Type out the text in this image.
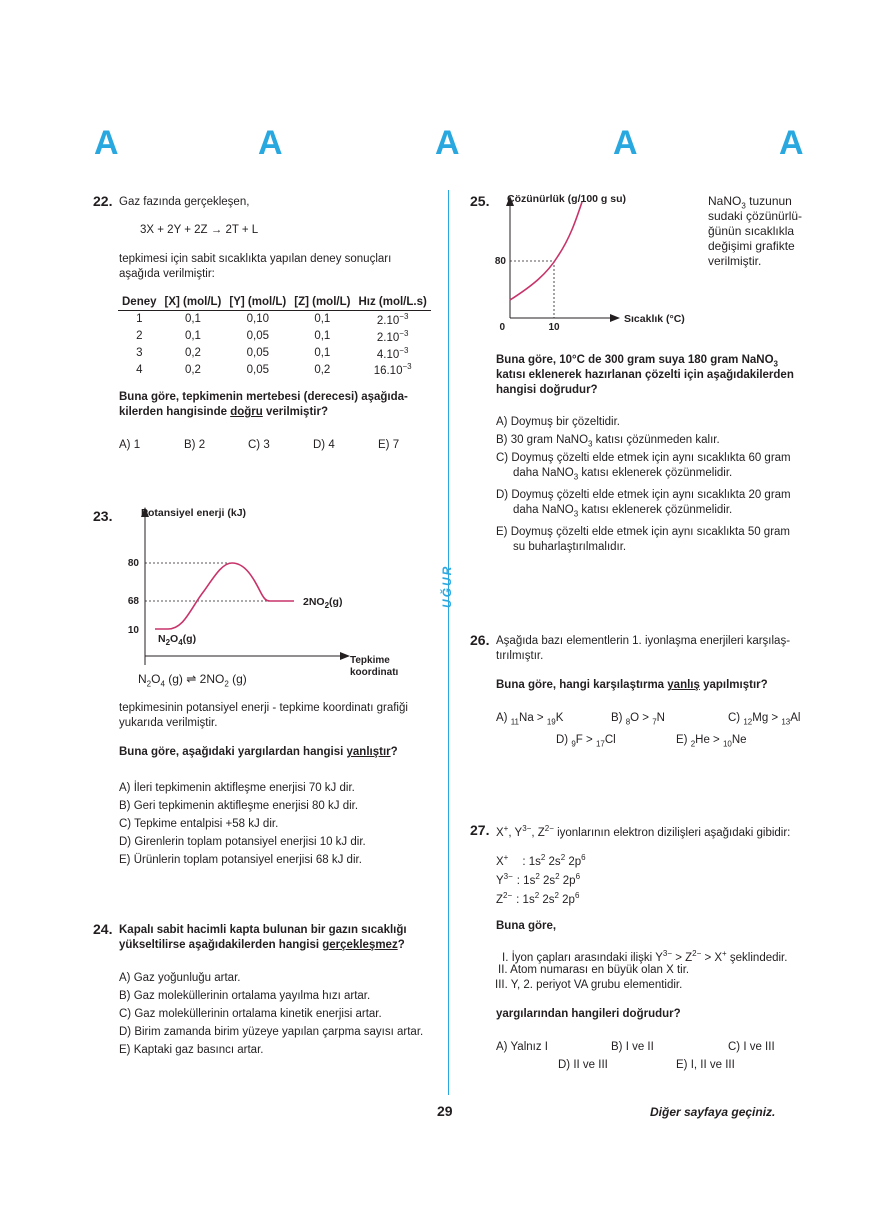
A	A	A	A	A
UĞUR
22. Gaz fazında gerçekleşen,
3X + 2Y + 2Z → 2T + L
tepkimesi için sabit sıcaklıkta yapılan deney sonuçları
aşağıda verilmiştir:
Deney	[X] (mol/L)	[Y] (mol/L)	[Z] (mol/L)	Hız (mol/L.s)
1	0,1	0,10	0,1	$2.10^{-3}$
2	0,1	0,05	0,1	$2.10^{-3}$
3	0,2	0,05	0,1	$4.10^{-3}$
4	0,2	0,05	0,2	$16.10^{-3}$
Buna göre, tepkimenin mertebesi (derecesi) aşağıda-
kilerden hangisinde doğru verilmiştir?
A) 1	B) 2	C) 3	D) 4	E) 7
23.	Potansiyel enerji (kJ)
Tepkime
koordinatı
80
68
10
$N_2O_4(g)$
$2NO_2(g)$
$N_2O_4$ (g) ⇌ $2NO_2$ (g)
tepkimesinin potansiyel enerji - tepkime koordinatı grafiği
yukarıda verilmiştir.
Buna göre, aşağıdaki yargılardan hangisi yanlıştır?
A) İleri tepkimenin aktifleşme enerjisi 70 kJ dir.
B) Geri tepkimenin aktifleşme enerjisi 80 kJ dir.
C) Tepkime entalpisi +58 kJ dir.
D) Girenlerin toplam potansiyel enerjisi 10 kJ dir.
E) Ürünlerin toplam potansiyel enerjisi 68 kJ dir.
24. Kapalı sabit hacimli kapta bulunan bir gazın sıcaklığı
yükseltilirse aşağıdakilerden hangisi gerçekleşmez?
A) Gaz yoğunluğu artar.
B) Gaz moleküllerinin ortalama yayılma hızı artar.
C) Gaz moleküllerinin ortalama kinetik enerjisi artar.
D) Birim zamanda birim yüzeye yapılan çarpma sayısı artar.
E) Kaptaki gaz basıncı artar.
25. Çözünürlük (g/100 g su)
Sıcaklık (°C)
80
0	10
NaNO$_3$ tuzunun
sudaki çözünürlü-
ğünün sıcaklıkla
değişimi grafikte
verilmiştir.
Buna göre, 10°C de 300 gram suya 180 gram NaNO$_3$
katısı eklenerek hazırlanan çözelti için aşağıdakilerden
hangisi doğrudur?
A) Doymuş bir çözeltidir.
B) 30 gram NaNO$_3$ katısı çözünmeden kalır.
C) Doymuş çözelti elde etmek için aynı sıcaklıkta 60 gram
daha NaNO$_3$ katısı eklenerek çözünmelidir.
D) Doymuş çözelti elde etmek için aynı sıcaklıkta 20 gram
daha NaNO$_3$ katısı eklenerek çözünmelidir.
E) Doymuş çözelti elde etmek için aynı sıcaklıkta 50 gram
su buharlaştırılmalıdır.
26. Aşağıda bazı elementlerin 1. iyonlaşma enerjileri karşılaş-
tırılmıştır.
Buna göre, hangi karşılaştırma yanlış yapılmıştır?
A) $_{11}$Na > $_{19}$K	B) $_8$O > $_7$N	C) $_{12}$Mg > $_{13}$Al
D) $_9$F > $_{17}$Cl	E) $_2$He > $_{10}$Ne
27. X+, $Y^{3-}$, $Z^{2-}$ iyonlarının elektron dizilişleri aşağıdaki gibidir:
X+ : $1s^2$ $2s^2$ $2p^6$
$Y^{3-}$ : $1s^2$ $2s^2$ $2p^6$
$Z^{2-}$ : $1s^2$ $2s^2$ $2p^6$
Buna göre,
I. İyon çapları arasındaki ilişki $Y^{3-} > Z^{2-} > X^+$ şeklindedir.
II. Atom numarası en büyük olan X tir.
III. Y, 2. periyot VA grubu elementidir.
yargılarından hangileri doğrudur?
A) Yalnız I	B) I ve II	C) I ve III
D) II ve III	E) I, II ve III
29	Diğer sayfaya geçiniz.
